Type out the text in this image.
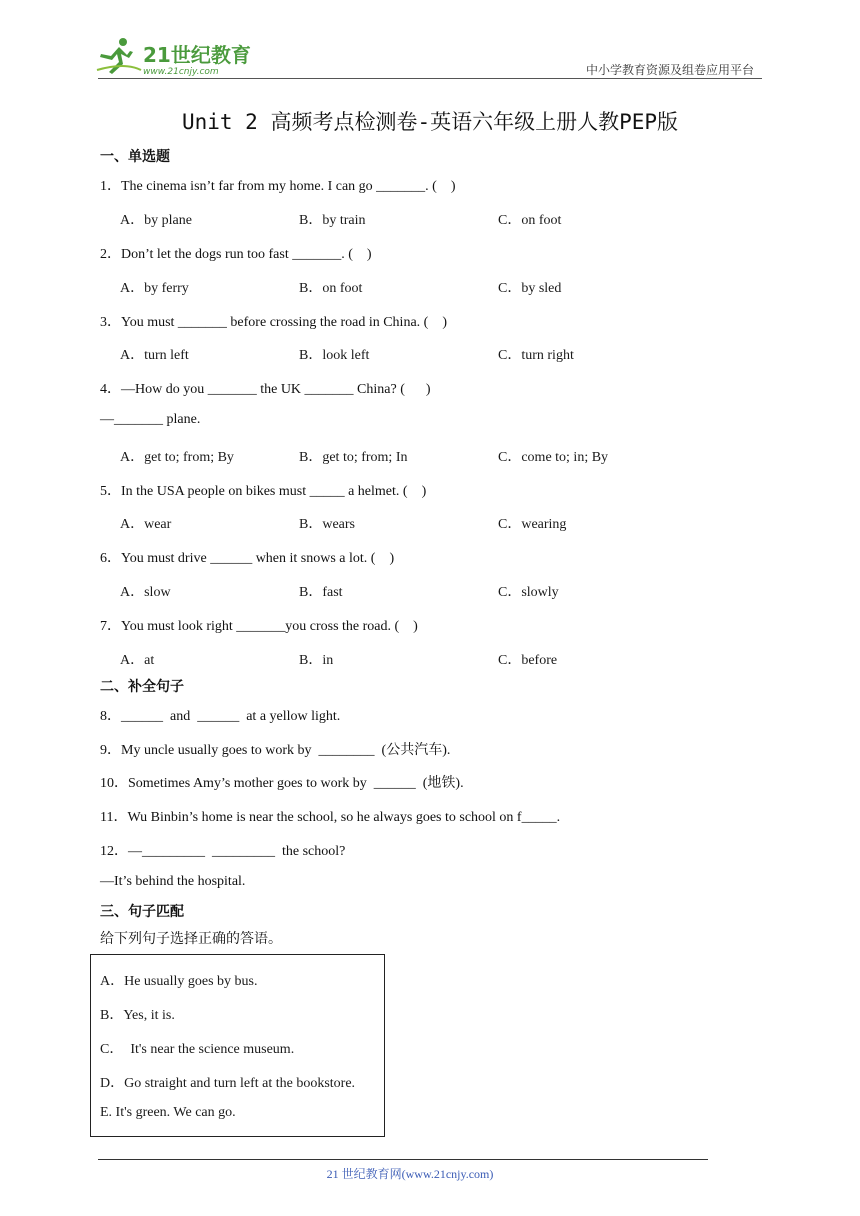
21世纪教育
www.21cnjy.com	中小学教育资源及组卷应用平台
Unit 2 高频考点检测卷-英语六年级上册人教PEP版
一、单选题
1．The cinema isn’t far from my home. I can go _______. (    )
A．by plane	B．by train	C．on foot
2．Don’t let the dogs run too fast _______. (    )
A．by ferry	B．on foot	C．by sled
3．You must _______ before crossing the road in China. (    )
A．turn left	B．look left	C．turn right
4．—How do you _______ the UK _______ China? (      )
—_______ plane.
A．get to; from; By	B．get to; from; In	C．come to; in; By
5．In the USA people on bikes must _____ a helmet. (    )
A．wear	B．wears	C．wearing
6．You must drive ______ when it snows a lot. (    )
A．slow	B．fast	C．slowly
7．You must look right _______you cross the road. (    )
A．at	B．in	C．before
二、补全句子
8．______  and  ______  at a yellow light.
9．My uncle usually goes to work by  ________  (公共汽车).
10．Sometimes Amy’s mother goes to work by  ______  (地铁).
11．Wu Binbin’s home is near the school, so he always goes to school on f_____.
12．—_________  _________  the school?
—It’s behind the hospital.
三、句子匹配
给下列句子选择正确的答语。
A．He usually goes by bus.
B．Yes, it is.
C．  It's near the science museum.
D．Go straight and turn left at the bookstore.
E. It's green. We can go.
21 世纪教育网(www.21cnjy.com)
